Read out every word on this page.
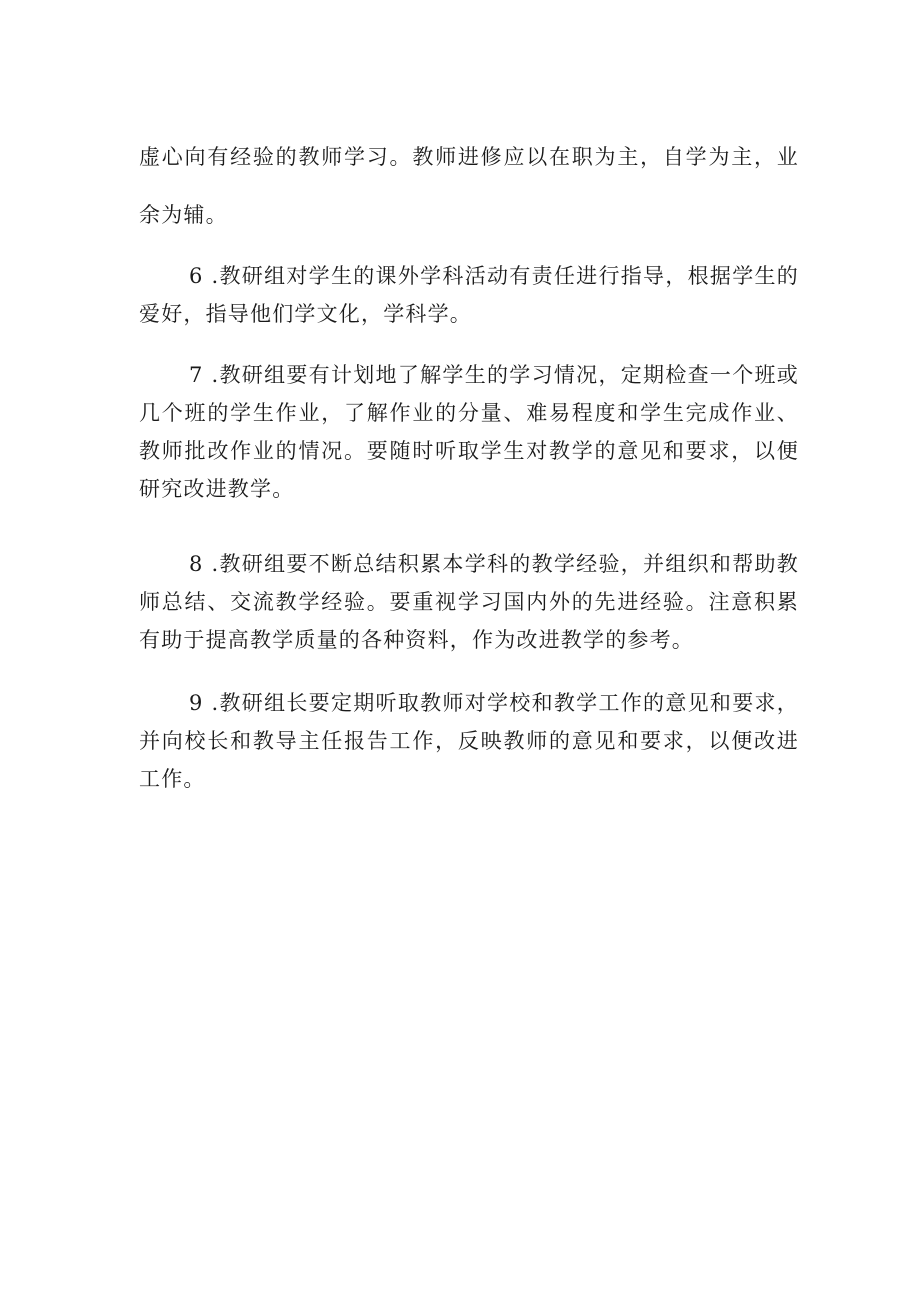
虚心向有经验的教师学习。教师进修应以在职为主，自学为主，业余为辅。

6 .教研组对学生的课外学科活动有责任进行指导，根据学生的爱好，指导他们学文化，学科学。

7 .教研组要有计划地了解学生的学习情况，定期检查一个班或几个班的学生作业，了解作业的分量、难易程度和学生完成作业、教师批改作业的情况。要随时听取学生对教学的意见和要求，以便研究改进教学。

8 .教研组要不断总结积累本学科的教学经验，并组织和帮助教师总结、交流教学经验。要重视学习国内外的先进经验。注意积累有助于提高教学质量的各种资料，作为改进教学的参考。

9 .教研组长要定期听取教师对学校和教学工作的意见和要求，并向校长和教导主任报告工作，反映教师的意见和要求，以便改进工作。
